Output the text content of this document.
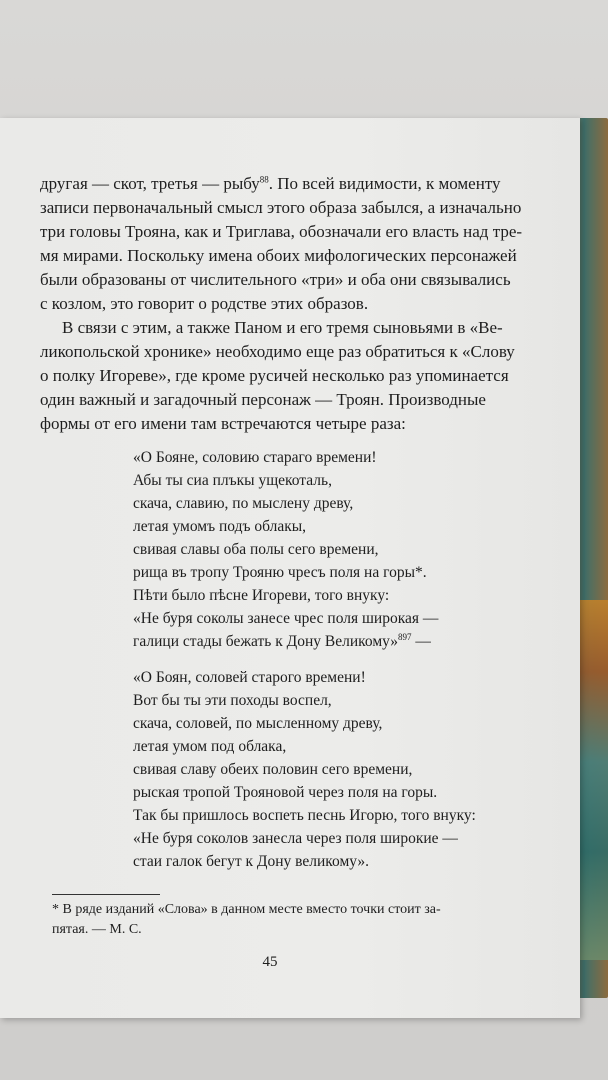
другая — скот, третья — рыбу$^{88}$. По всей видимости, к моменту
записи первоначальный смысл этого образа забылся, а изначально
три головы Трояна, как и Триглава, обозначали его власть над тре-
мя мирами. Поскольку имена обоих мифологических персонажей
были образованы от числительного «три» и оба они связывались
с козлом, это говорит о родстве этих образов.
В связи с этим, а также Паном и его тремя сыновьями в «Ве-
ликопольской хронике» необходимо еще раз обратиться к «Слову
о полку Игореве», где кроме русичей несколько раз упоминается
один важный и загадочный персонаж — Троян. Производные
формы от его имени там встречаются четыре раза:
«О Бояне, соловию стараго времени!
Абы ты сиа плъкы ущекоталь,
скача, славию, по мыслену древу,
летая умомъ подъ облакы,
свивая славы оба полы сего времени,
рища въ тропу Трояню чресъ поля на горы*.
Пѣти было пѣсне Игореви, того внуку:
«Не буря соколы занесе чрес поля широкая —
галици стады бежать к Дону Великому»$^{897}$ —
«О Боян, соловей старого времени!
Вот бы ты эти походы воспел,
скача, соловей, по мысленному древу,
летая умом под облака,
свивая славу обеих половин сего времени,
рыская тропой Трояновой через поля на горы.
Так бы пришлось воспеть песнь Игорю, того внуку:
«Не буря соколов занесла через поля широкие —
стаи галок бегут к Дону великому».
* В ряде изданий «Слова» в данном месте вместо точки стоит за-
пятая. — М. С.
45
